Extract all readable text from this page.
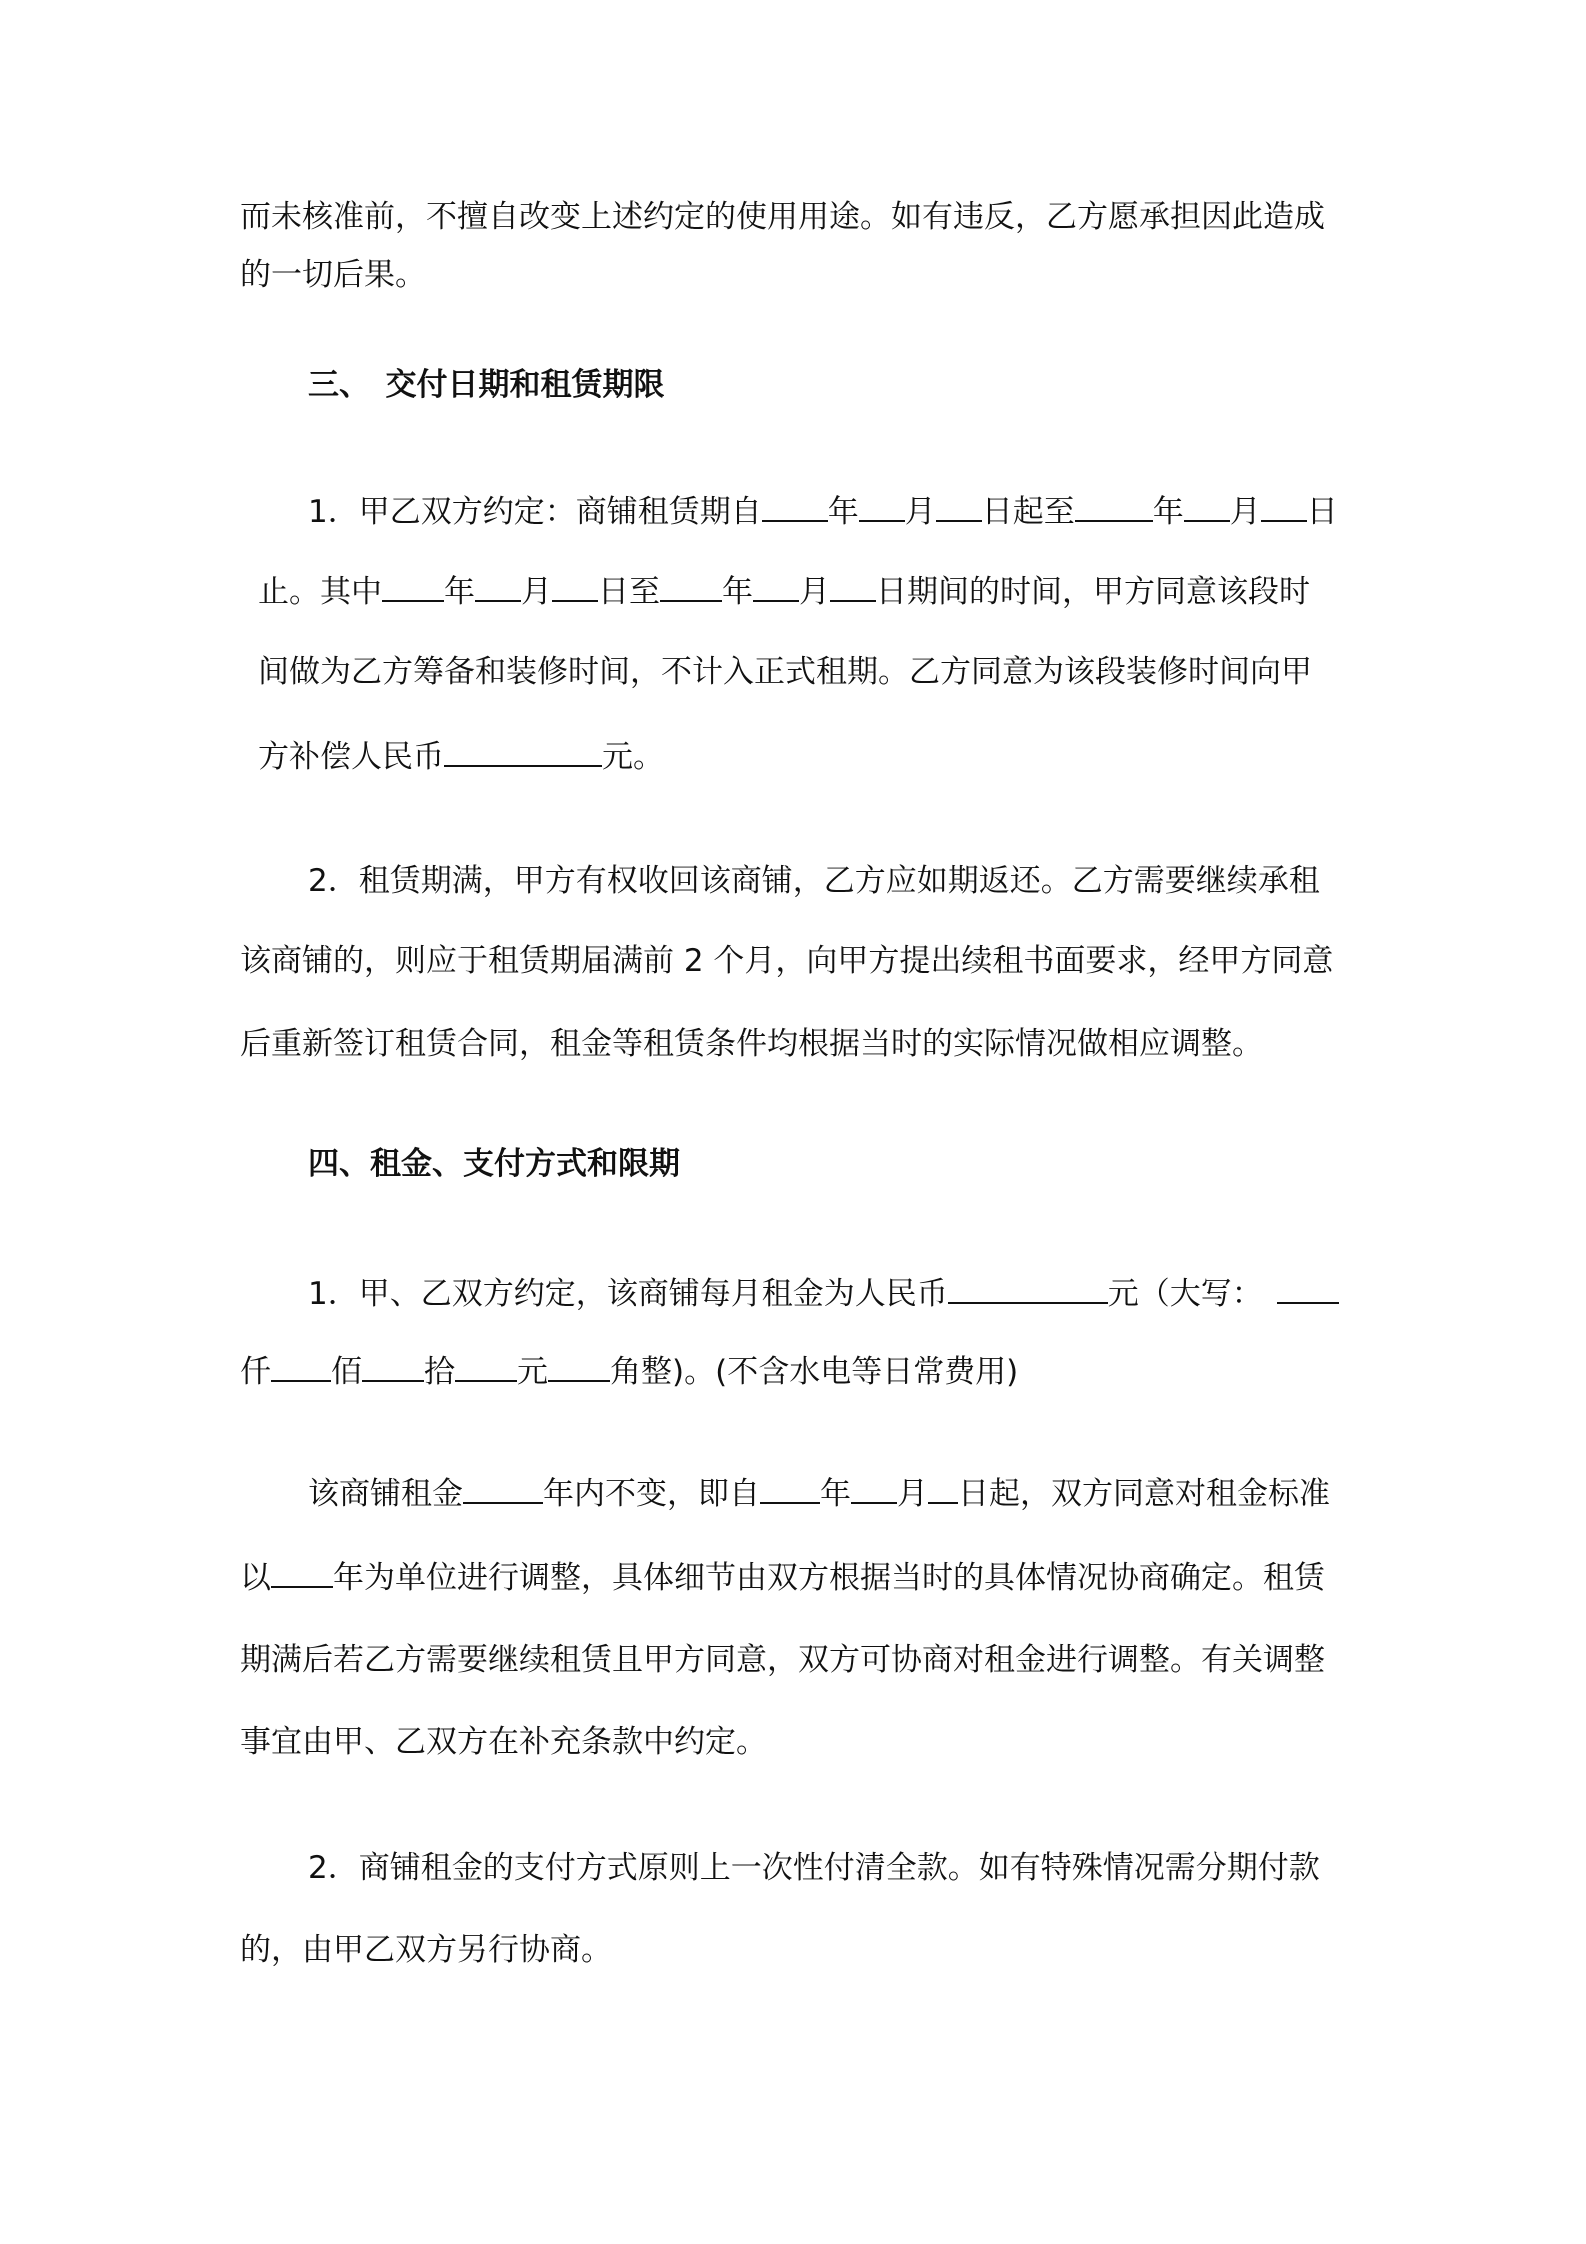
而未核准前，不擅自改变上述约定的使用用途。如有违反，乙方愿承担因此造成
的一切后果。
三、　交付日期和租赁期限
1．甲乙双方约定：商铺租赁期自 年 月 日起至	年 月 日
止。其中 年 月 日至 年 月 日期间的时间，甲方同意该段时
间做为乙方筹备和装修时间，不计入正式租期。乙方同意为该段装修时间向甲
方补偿人民币	元。
2．租赁期满，甲方有权收回该商铺，乙方应如期返还。乙方需要继续承租
该商铺的，则应于租赁期届满前 2 个月，向甲方提出续租书面要求，经甲方同意
后重新签订租赁合同，租金等租赁条件均根据当时的实际情况做相应调整。
四、租金、支付方式和限期
1．甲、乙双方约定，该商铺每月租金为人民币	元（大写：
仟 佰 拾 元 角整)。(不含水电等日常费用)
该商铺租金	年内不变，即自 年 月 日起，双方同意对租金标准
以 年为单位进行调整，具体细节由双方根据当时的具体情况协商确定。租赁
期满后若乙方需要继续租赁且甲方同意，双方可协商对租金进行调整。有关调整
事宜由甲、乙双方在补充条款中约定。
2．商铺租金的支付方式原则上一次性付清全款。如有特殊情况需分期付款
的，由甲乙双方另行协商。
